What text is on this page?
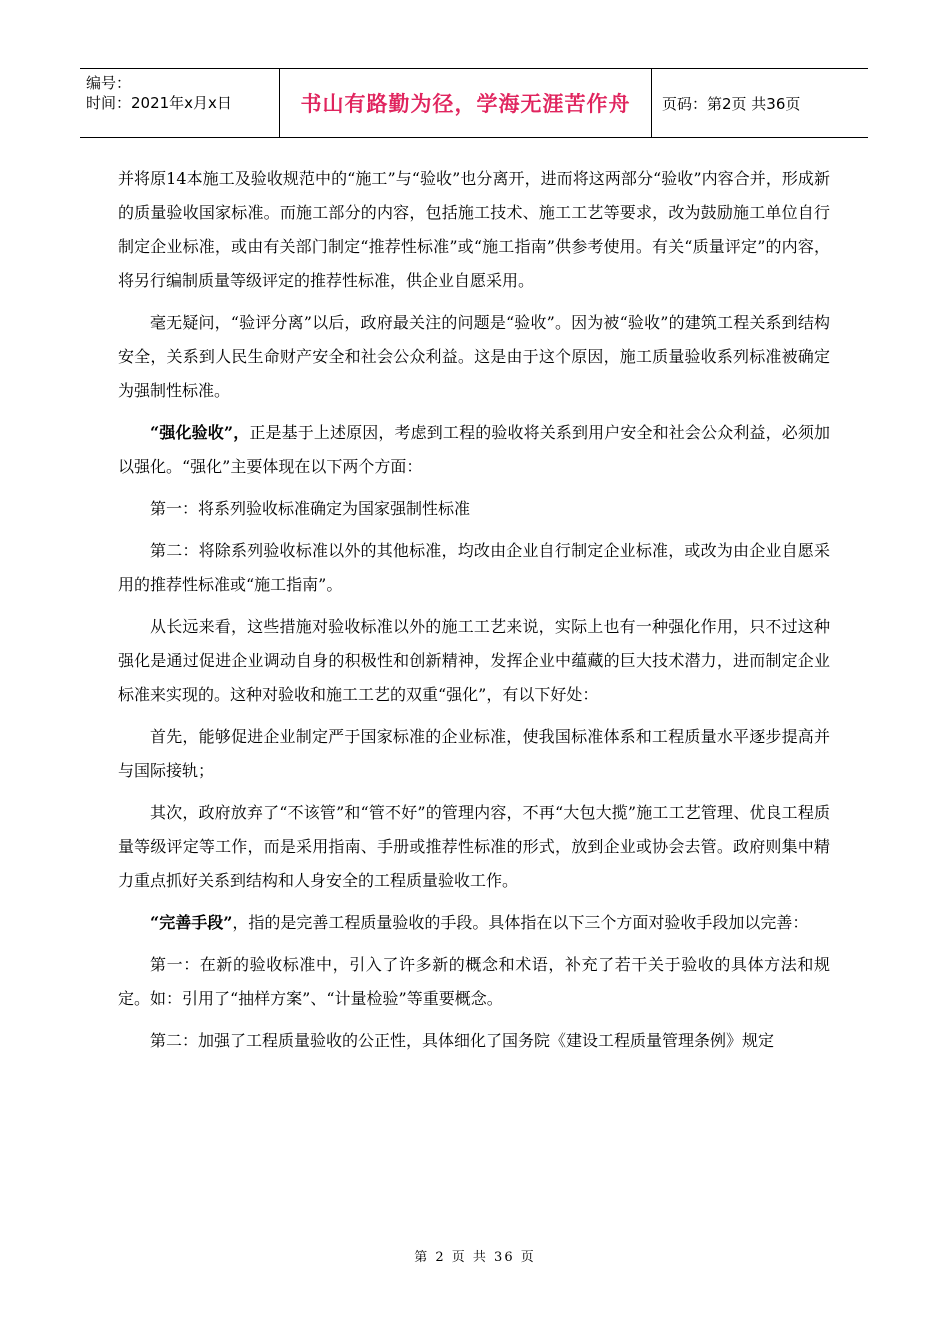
编号：
时间：2021年x月x日	书山有路勤为径，学海无涯苦作舟	页码：第2页 共36页

并将原14本施工及验收规范中的“施工”与“验收”也分离开，进而将这两部分“验收”内容合并，形成新的质量验收国家标准。而施工部分的内容，包括施工技术、施工工艺等要求，改为鼓励施工单位自行制定企业标准，或由有关部门制定“推荐性标准”或“施工指南”供参考使用。有关“质量评定”的内容，将另行编制质量等级评定的推荐性标准，供企业自愿采用。

毫无疑问，“验评分离”以后，政府最关注的问题是“验收”。因为被“验收”的建筑工程关系到结构安全，关系到人民生命财产安全和社会公众利益。这是由于这个原因，施工质量验收系列标准被确定为强制性标准。

“强化验收”，正是基于上述原因，考虑到工程的验收将关系到用户安全和社会公众利益，必须加以强化。“强化”主要体现在以下两个方面：

第一：将系列验收标准确定为国家强制性标准

第二：将除系列验收标准以外的其他标准，均改由企业自行制定企业标准，或改为由企业自愿采用的推荐性标准或“施工指南”。

从长远来看，这些措施对验收标准以外的施工工艺来说，实际上也有一种强化作用，只不过这种强化是通过促进企业调动自身的积极性和创新精神，发挥企业中蕴藏的巨大技术潜力，进而制定企业标准来实现的。这种对验收和施工工艺的双重“强化”，有以下好处：

首先，能够促进企业制定严于国家标准的企业标准，使我国标准体系和工程质量水平逐步提高并与国际接轨；

其次，政府放弃了“不该管”和“管不好”的管理内容，不再“大包大揽”施工工艺管理、优良工程质量等级评定等工作，而是采用指南、手册或推荐性标准的形式，放到企业或协会去管。政府则集中精力重点抓好关系到结构和人身安全的工程质量验收工作。

“完善手段”，指的是完善工程质量验收的手段。具体指在以下三个方面对验收手段加以完善：

第一：在新的验收标准中，引入了许多新的概念和术语，补充了若干关于验收的具体方法和规定。如：引用了“抽样方案”、“计量检验”等重要概念。

第二：加强了工程质量验收的公正性，具体细化了国务院《建设工程质量管理条例》规定

第 2 页 共 36 页
